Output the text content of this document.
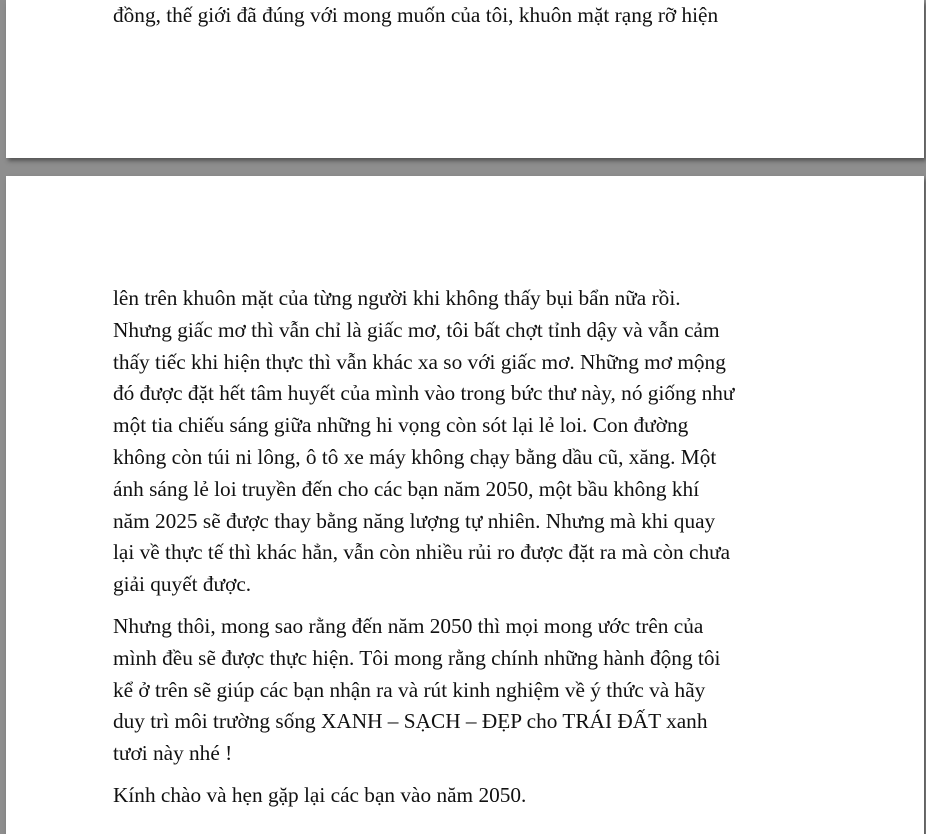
đồng, thế giới đã đúng với mong muốn của tôi, khuôn mặt rạng rỡ hiện
lên trên khuôn mặt của từng người khi không thấy bụi bẩn nữa rồi.
Nhưng giấc mơ thì vẫn chỉ là giấc mơ, tôi bất chợt tỉnh dậy và vẫn cảm
thấy tiếc khi hiện thực thì vẫn khác xa so với giấc mơ. Những mơ mộng
đó được đặt hết tâm huyết của mình vào trong bức thư này, nó giống như
một tia chiếu sáng giữa những hi vọng còn sót lại lẻ loi. Con đường
không còn túi ni lông, ô tô xe máy không chạy bằng dầu cũ, xăng. Một
ánh sáng lẻ loi truyền đến cho các bạn năm 2050, một bầu không khí
năm 2025 sẽ được thay bằng năng lượng tự nhiên. Nhưng mà khi quay
lại về thực tế thì khác hẳn, vẫn còn nhiều rủi ro được đặt ra mà còn chưa
giải quyết được.
Nhưng thôi, mong sao rằng đến năm 2050 thì mọi mong ước trên của
mình đều sẽ được thực hiện. Tôi mong rằng chính những hành động tôi
kể ở trên sẽ giúp các bạn nhận ra và rút kinh nghiệm về ý thức và hãy
duy trì môi trường sống XANH – SẠCH – ĐẸP cho TRÁI ĐẤT xanh
tươi này nhé !
Kính chào và hẹn gặp lại các bạn vào năm 2050.
